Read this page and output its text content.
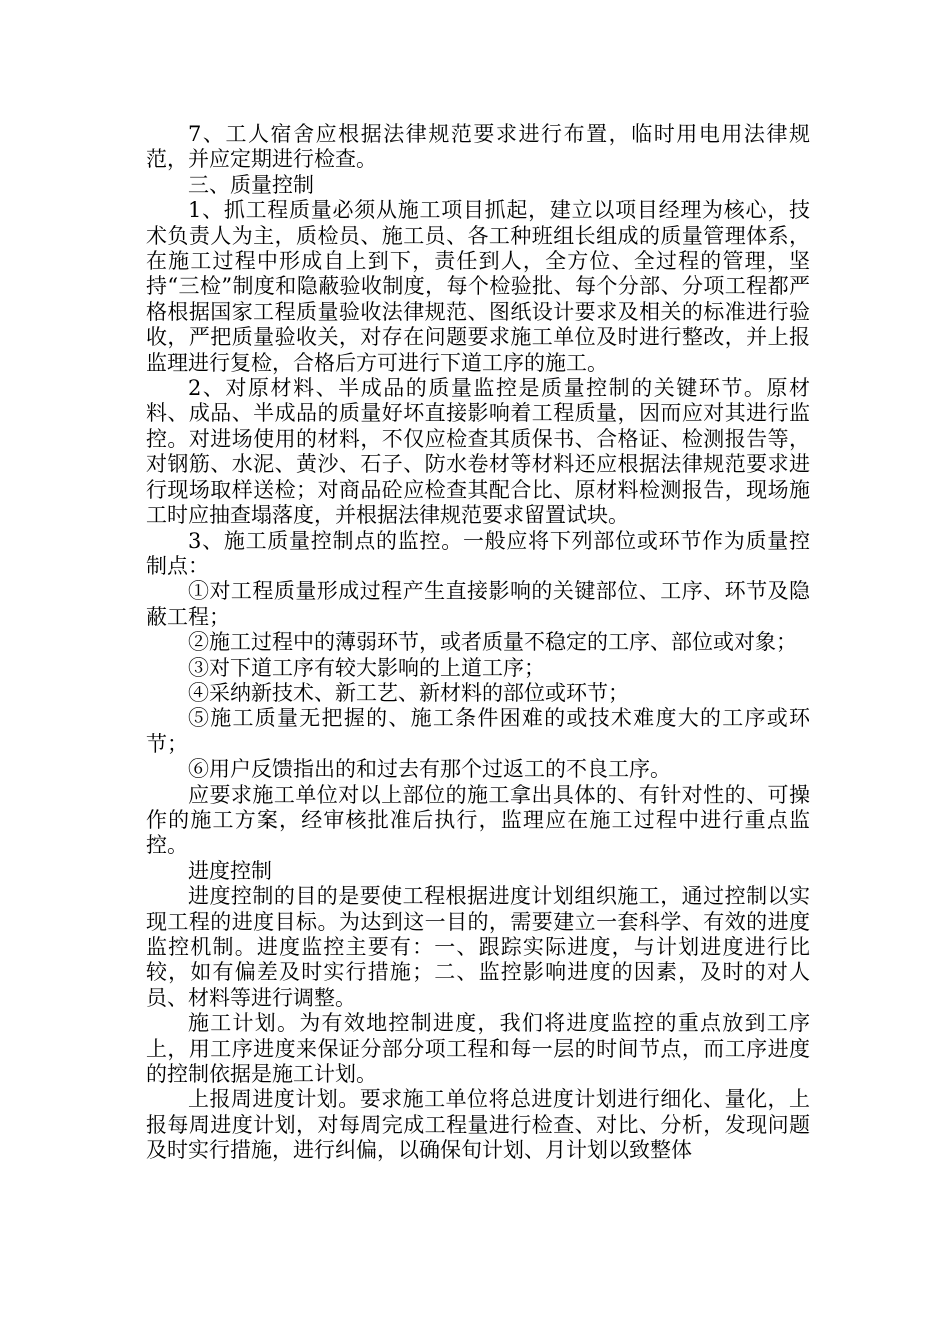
7、工人宿舍应根据法律规范要求进行布置，临时用电用法律规范，并应定期进行检查。

三、质量控制

1、抓工程质量必须从施工项目抓起，建立以项目经理为核心，技术负责人为主，质检员、施工员、各工种班组长组成的质量管理体系，在施工过程中形成自上到下，责任到人，全方位、全过程的管理，坚持“三检”制度和隐蔽验收制度，每个检验批、每个分部、分项工程都严格根据国家工程质量验收法律规范、图纸设计要求及相关的标准进行验收，严把质量验收关，对存在问题要求施工单位及时进行整改，并上报监理进行复检，合格后方可进行下道工序的施工。

2、对原材料、半成品的质量监控是质量控制的关键环节。原材料、成品、半成品的质量好坏直接影响着工程质量，因而应对其进行监控。对进场使用的材料，不仅应检查其质保书、合格证、检测报告等，对钢筋、水泥、黄沙、石子、防水卷材等材料还应根据法律规范要求进行现场取样送检；对商品砼应检查其配合比、原材料检测报告，现场施工时应抽查塌落度，并根据法律规范要求留置试块。

3、施工质量控制点的监控。一般应将下列部位或环节作为质量控制点：

①对工程质量形成过程产生直接影响的关键部位、工序、环节及隐蔽工程；

②施工过程中的薄弱环节，或者质量不稳定的工序、部位或对象；

③对下道工序有较大影响的上道工序；

④采纳新技术、新工艺、新材料的部位或环节；

⑤施工质量无把握的、施工条件困难的或技术难度大的工序或环节；

⑥用户反馈指出的和过去有那个过返工的不良工序。

应要求施工单位对以上部位的施工拿出具体的、有针对性的、可操作的施工方案，经审核批准后执行，监理应在施工过程中进行重点监控。

进度控制

进度控制的目的是要使工程根据进度计划组织施工，通过控制以实现工程的进度目标。为达到这一目的，需要建立一套科学、有效的进度监控机制。进度监控主要有：一、跟踪实际进度，与计划进度进行比较，如有偏差及时实行措施；二、监控影响进度的因素，及时的对人员、材料等进行调整。

施工计划。为有效地控制进度，我们将进度监控的重点放到工序上，用工序进度来保证分部分项工程和每一层的时间节点，而工序进度的控制依据是施工计划。

上报周进度计划。要求施工单位将总进度计划进行细化、量化，上报每周进度计划，对每周完成工程量进行检查、对比、分析，发现问题及时实行措施，进行纠偏，以确保旬计划、月计划以致整体
